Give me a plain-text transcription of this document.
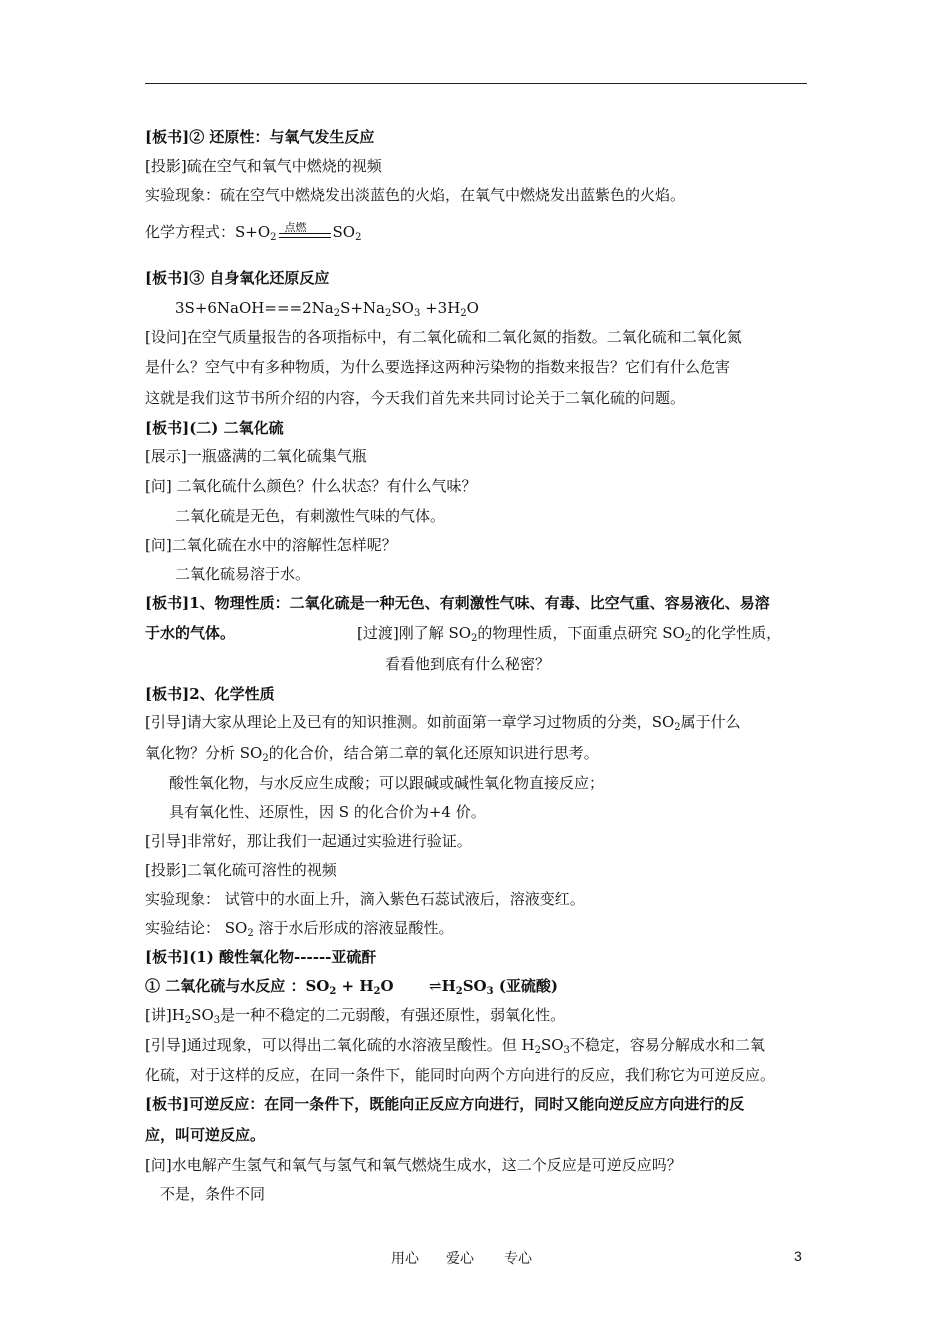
[板书]② 还原性：与氧气发生反应
[投影]硫在空气和氧气中燃烧的视频
实验现象：硫在空气中燃烧发出淡蓝色的火焰，在氧气中燃烧发出蓝紫色的火焰。
化学方程式：$S+O_2$
点燃 $SO_2$
[板书]③ 自身氧化还原反应
$3S+6NaOH===2Na_2S+Na_2SO_3 +3H_2O$
[设问]在空气质量报告的各项指标中，有二氧化硫和二氧化氮的指数。二氧化硫和二氧化氮
是什么？空气中有多种物质，为什么要选择这两种污染物的指数来报告？它们有什么危害
这就是我们这节书所介绍的内容，今天我们首先来共同讨论关于二氧化硫的问题。
[板书](二) 二氧化硫
[展示]一瓶盛满的二氧化硫集气瓶
[问] 二氧化硫什么颜色？什么状态？有什么气味？
二氧化硫是无色，有刺激性气味的气体。
[问]二氧化硫在水中的溶解性怎样呢？
二氧化硫易溶于水。
[板书]1、物理性质：二氧化硫是一种无色、有刺激性气味、有毒、比空气重、容易液化、易溶
于水的气体。	[过渡]刚了解 $SO_2$的物理性质，下面重点研究 $SO_2$的化学性质，
看看他到底有什么秘密？
[板书]2、化学性质
[引导]请大家从理论上及已有的知识推测。如前面第一章学习过物质的分类，$SO_2$属于什么
氧化物？分析 $SO_2$的化合价，结合第二章的氧化还原知识进行思考。
酸性氧化物，与水反应生成酸；可以跟碱或碱性氧化物直接反应；
具有氧化性、还原性，因 S 的化合价为+4 价。
[引导]非常好，那让我们一起通过实验进行验证。
[投影]二氧化硫可溶性的视频
实验现象： 试管中的水面上升，滴入紫色石蕊试液后，溶液变红。
实验结论： $SO_2$ 溶于水后形成的溶液显酸性。
[板书](1) 酸性氧化物------亚硫酐
① 二氧化硫与水反应 ：$SO_2 + H_2O$ $\rightleftharpoons H_2SO_3$ (亚硫酸)
[讲]$H_2SO_3$是一种不稳定的二元弱酸，有强还原性，弱氧化性。
[引导]通过现象，可以得出二氧化硫的水溶液呈酸性。但 $H_2SO_3$不稳定，容易分解成水和二氧
化硫，对于这样的反应，在同一条件下，能同时向两个方向进行的反应，我们称它为可逆反应。
[板书]可逆反应：在同一条件下，既能向正反应方向进行，同时又能向逆反应方向进行的反
应，叫可逆反应。
[问]水电解产生氢气和氧气与氢气和氧气燃烧生成水，这二个反应是可逆反应吗？
不是，条件不同
用心 爱心 专心	3
